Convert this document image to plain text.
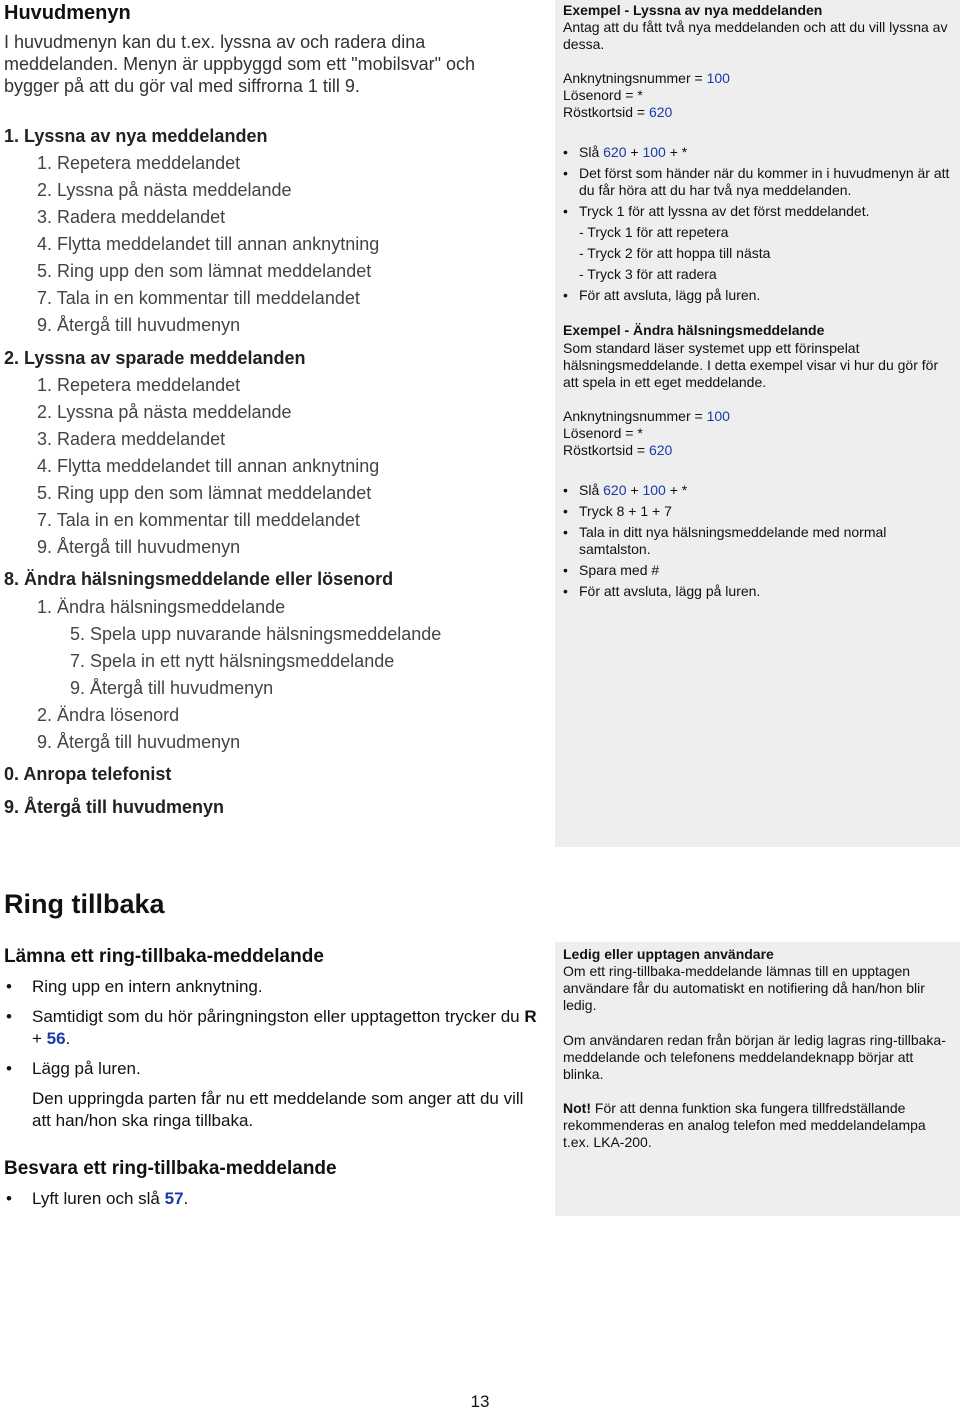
Huvudmenyn
I huvudmenyn kan du t.ex. lyssna av och radera dina meddelanden. Menyn är uppbyggd som ett "mobilsvar" och bygger på att du gör val med siffrorna 1 till 9.
1. Lyssna av nya meddelanden
1. Repetera meddelandet
2. Lyssna på nästa meddelande
3. Radera meddelandet
4. Flytta meddelandet till annan anknytning
5. Ring upp den som lämnat meddelandet
7. Tala in en kommentar till meddelandet
9. Återgå till huvudmenyn
2. Lyssna av sparade meddelanden
1. Repetera meddelandet
2. Lyssna på nästa meddelande
3. Radera meddelandet
4. Flytta meddelandet till annan anknytning
5. Ring upp den som lämnat meddelandet
7. Tala in en kommentar till meddelandet
9. Återgå till huvudmenyn
8. Ändra hälsningsmeddelande eller lösenord
1. Ändra hälsningsmeddelande
5. Spela upp nuvarande hälsningsmeddelande
7. Spela in ett nytt hälsningsmeddelande
9. Återgå till huvudmenyn
2. Ändra lösenord
9. Återgå till huvudmenyn
0. Anropa telefonist
9. Återgå till huvudmenyn
Exempel - Lyssna av nya meddelanden
Antag att du fått två nya meddelanden och att du vill lyssna av dessa.
Anknytningsnummer = 100
Lösenord = *
Röstkortsid = 620
• Slå 620 + 100 + *
• Det först som händer när du kommer in i huvudmenyn är att du får höra att du har två nya meddelanden.
• Tryck 1 för att lyssna av det först meddelandet.
- Tryck 1 för att repetera
- Tryck 2 för att hoppa till nästa
- Tryck 3 för att radera
• För att avsluta, lägg på luren.
Exempel - Ändra hälsningsmeddelande
Som standard läser systemet upp ett förinspelat hälsningsmeddelande. I detta exempel visar vi hur du gör för att spela in ett eget meddelande.
Anknytningsnummer = 100
Lösenord = *
Röstkortsid = 620
• Slå 620 + 100 + *
• Tryck 8 + 1 + 7
• Tala in ditt nya hälsningsmeddelande med normal samtalston.
• Spara med #
• För att avsluta, lägg på luren.
Ring tillbaka
Lämna ett ring-tillbaka-meddelande
• Ring upp en intern anknytning.
• Samtidigt som du hör påringningston eller upptagetton trycker du R + 56.
• Lägg på luren.
Den uppringda parten får nu ett meddelande som anger att du vill att han/hon ska ringa tillbaka.
Besvara ett ring-tillbaka-meddelande
• Lyft luren och slå 57.
Ledig eller upptagen användare
Om ett ring-tillbaka-meddelande lämnas till en upptagen användare får du automatiskt en notifiering då han/hon blir ledig.
Om användaren redan från början är ledig lagras ring-tillbaka-meddelande och telefonens meddelandeknapp börjar att blinka.
Not! För att denna funktion ska fungera tillfredställande rekommenderas en analog telefon med meddelandelampa t.ex. LKA-200.
13
